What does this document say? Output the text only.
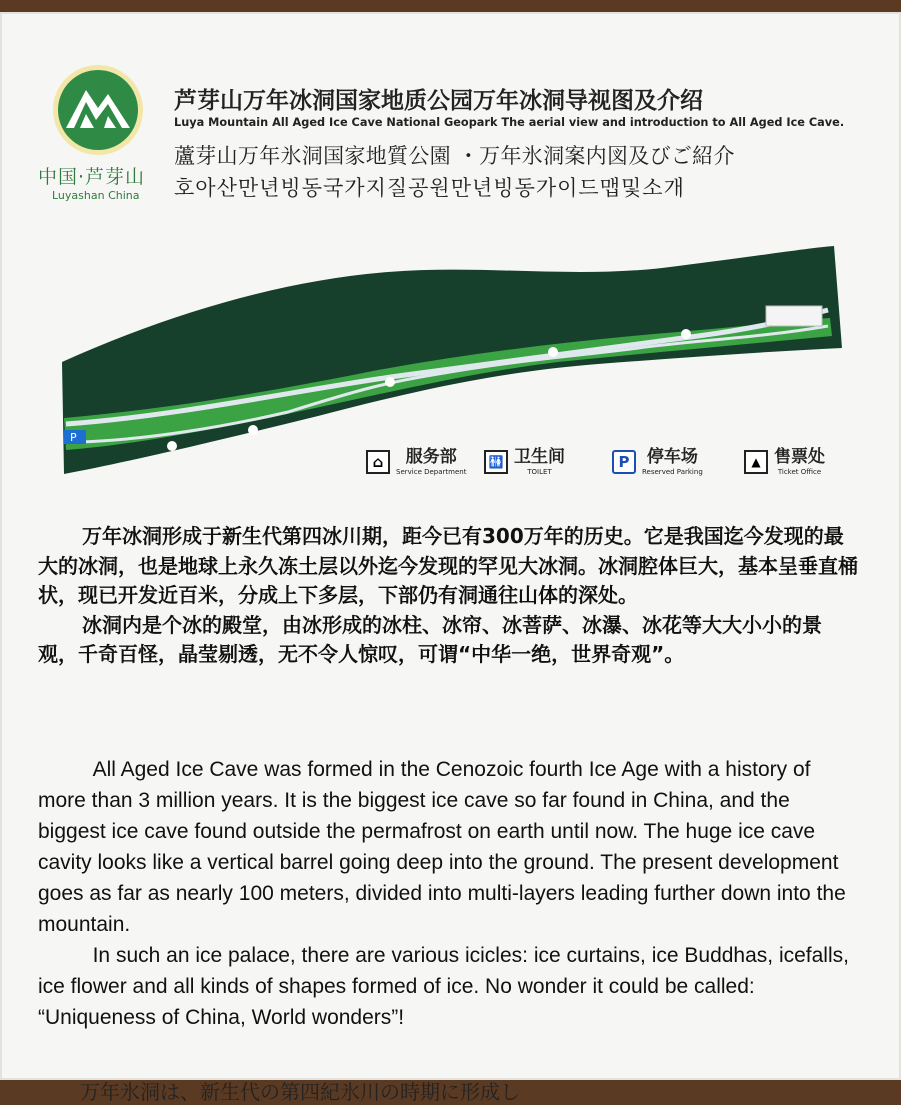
中国·芦芽山
Luyashan China
芦芽山万年冰洞国家地质公园万年冰洞导视图及介绍
Luya Mountain All Aged Ice Cave National Geopark The aerial view and introduction to All Aged Ice Cave.
蘆芽山万年氷洞国家地質公園 ・万年氷洞案内図及びご紹介
호아산만년빙동국가지질공원만년빙동가이드맵및소개
P
⌂	服务部
Service Department
🚻 卫生间
TOILET
P	停车场
Reserved Parking
▲ 售票处
Ticket Office

万年冰洞形成于新生代第四冰川期，距今已有300万年的历史。它是我国迄今发现的最大的冰洞，也是地球上永久冻土层以外迄今发现的罕见大冰洞。冰洞腔体巨大，基本呈垂直桶状，现已开发近百米，分成上下多层，下部仍有洞通往山体的深处。

冰洞内是个冰的殿堂，由冰形成的冰柱、冰帘、冰菩萨、冰瀑、冰花等大大小小的景观，千奇百怪，晶莹剔透，无不令人惊叹，可谓“中华一绝，世界奇观”。

All Aged Ice Cave was formed in the Cenozoic fourth Ice Age with a history of more than 3 million years. It is the biggest ice cave so far found in China, and the biggest ice cave found outside the permafrost on earth until now. The huge ice cave cavity looks like a vertical barrel going deep into the ground. The present development goes as far as nearly 100 meters, divided into multi-layers leading further down into the mountain.

In such an ice palace, there are various icicles: ice curtains, ice Buddhas, icefalls, ice flower and all kinds of shapes formed of ice. No wonder it could be called: “Uniqueness of China, World wonders”!

万年氷洞は、新生代の第四紀氷川の時期に形成し
